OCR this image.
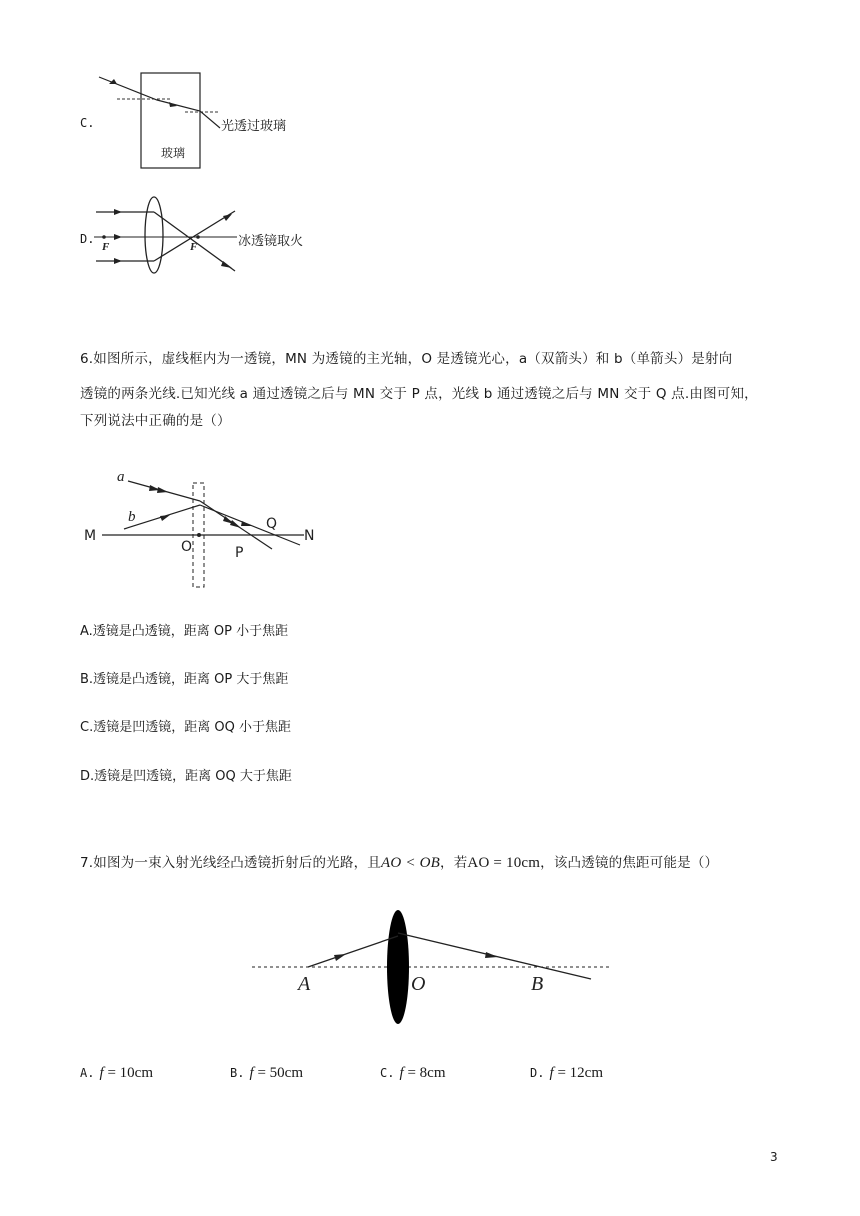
C.
玻璃
光透过玻璃
D.
F	F	冰透镜取火
6.如图所示，虚线框内为一透镜，MN 为透镜的主光轴，O 是透镜光心，a（双箭头）和 b（单箭头）是射向
透镜的两条光线.已知光线 a 通过透镜之后与 MN 交于 P 点，光线 b 通过透镜之后与 MN 交于 Q 点.由图可知，
下列说法中正确的是（）
a
b
M	N
O	P
Q
A.透镜是凸透镜，距离 OP 小于焦距
B.透镜是凸透镜，距离 OP 大于焦距
C.透镜是凹透镜，距离 OQ 小于焦距
D.透镜是凹透镜，距离 OQ 大于焦距
7.如图为一束入射光线经凸透镜折射后的光路，且AO < OB，若AO = 10cm，该凸透镜的焦距可能是（）
A	O	B
A. f = 10cm	B. f = 50cm	C. f = 8cm	D. f = 12cm
3
